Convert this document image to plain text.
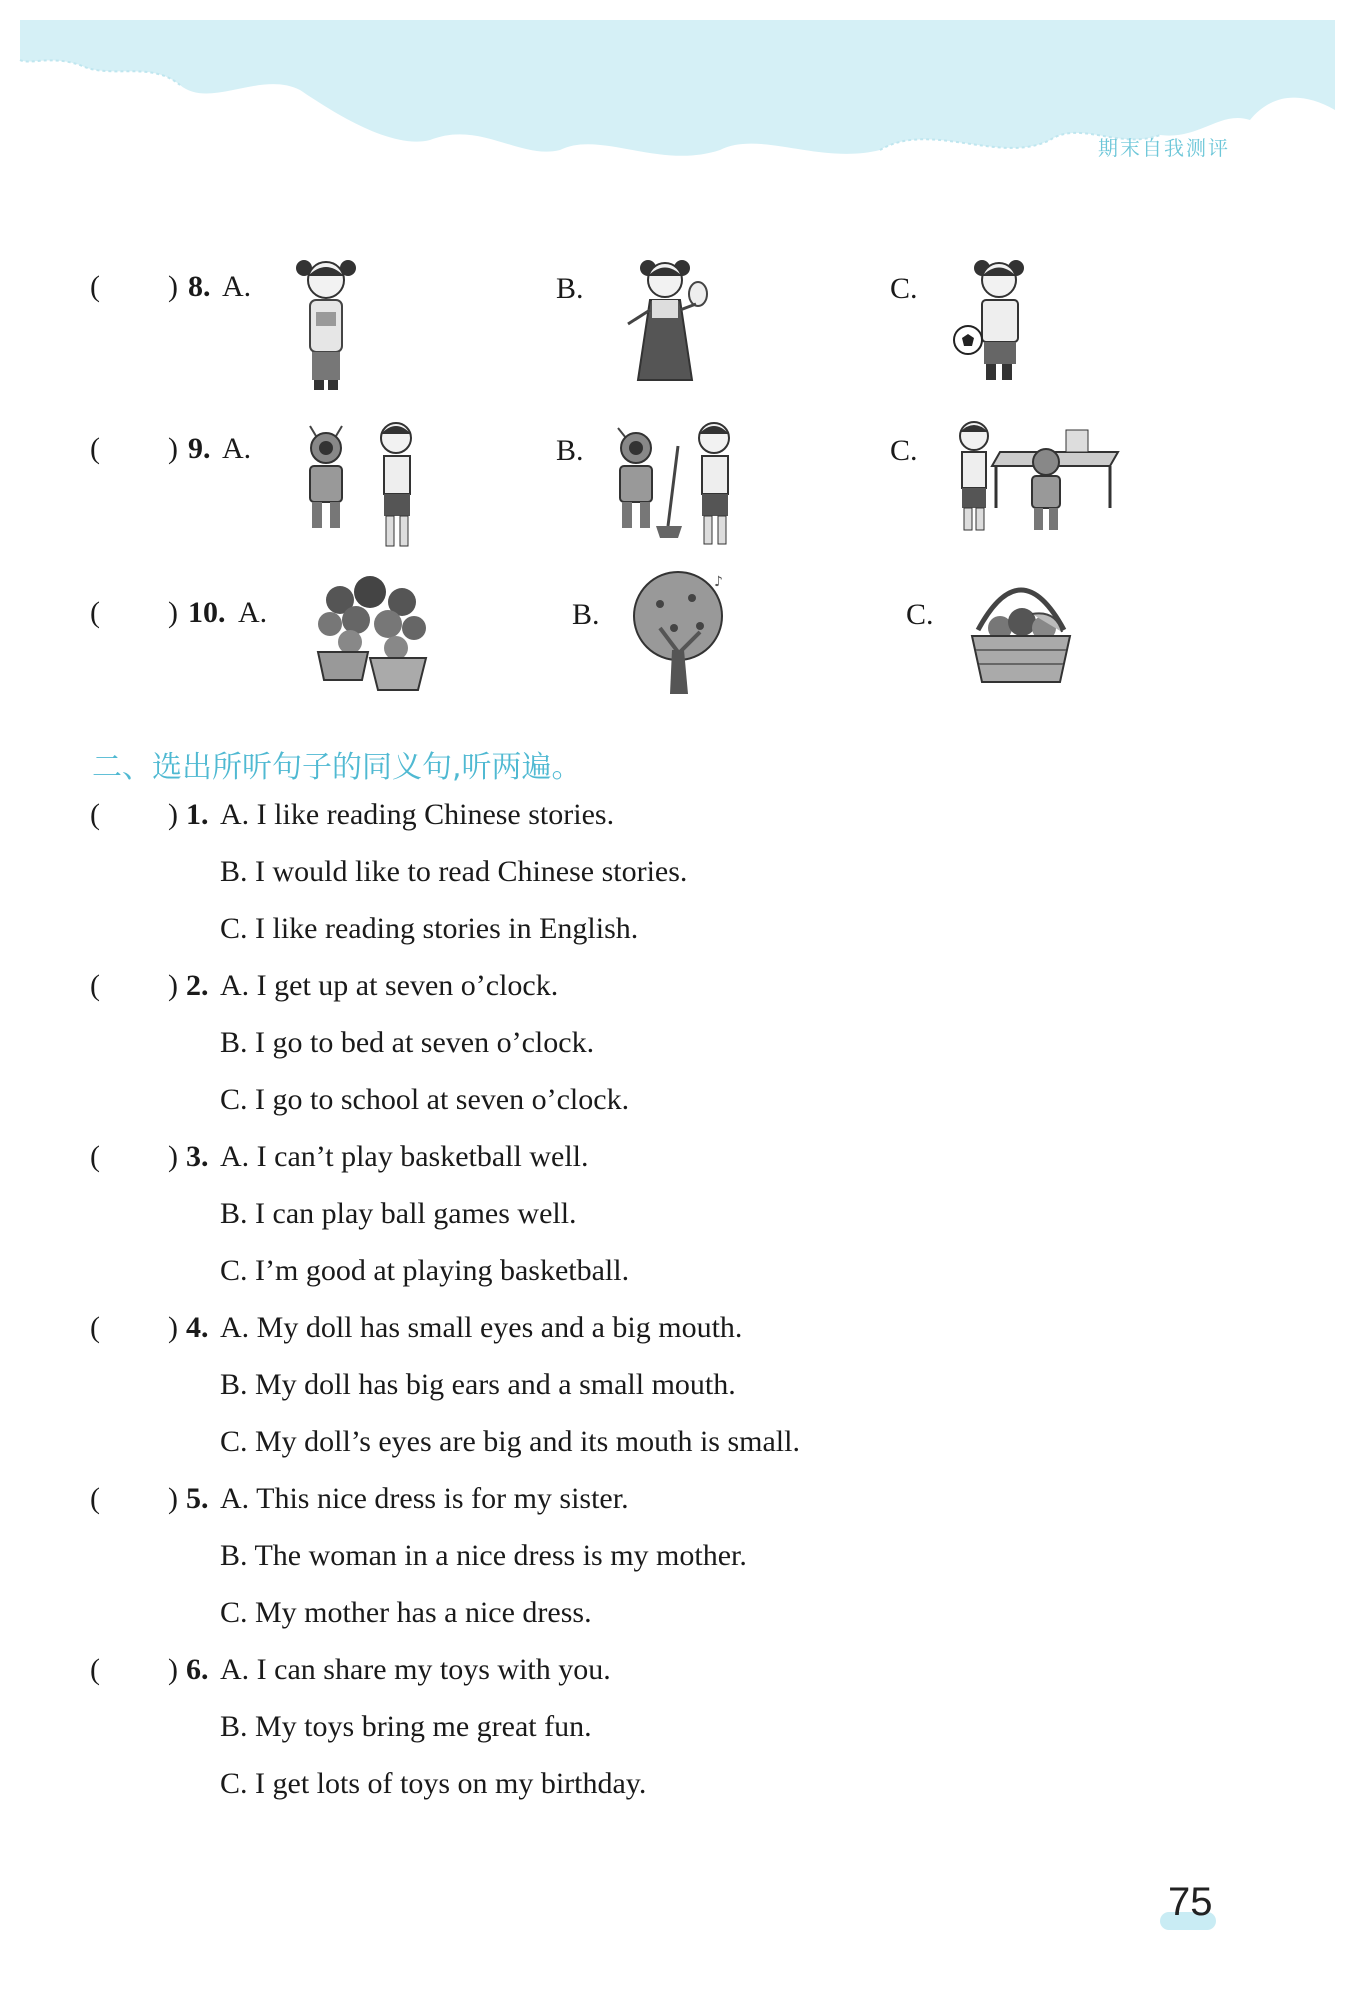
期末自我测评
( ) 8. A.	B.	C.
( ) 9. A.	B.	C.
( ) 10. A.	B.	C.
♪
二、选出所听句子的同义句,听两遍。
( ) 1. A. I like reading Chinese stories.
B. I would like to read Chinese stories.
C. I like reading stories in English.
( ) 2. A. I get up at seven o’clock.
B. I go to bed at seven o’clock.
C. I go to school at seven o’clock.
( ) 3. A. I can’t play basketball well.
B. I can play ball games well.
C. I’m good at playing basketball.
( ) 4. A. My doll has small eyes and a big mouth.
B. My doll has big ears and a small mouth.
C. My doll’s eyes are big and its mouth is small.
( ) 5. A. This nice dress is for my sister.
B. The woman in a nice dress is my mother.
C. My mother has a nice dress.
( ) 6. A. I can share my toys with you.
B. My toys bring me great fun.
C. I get lots of toys on my birthday.
75
